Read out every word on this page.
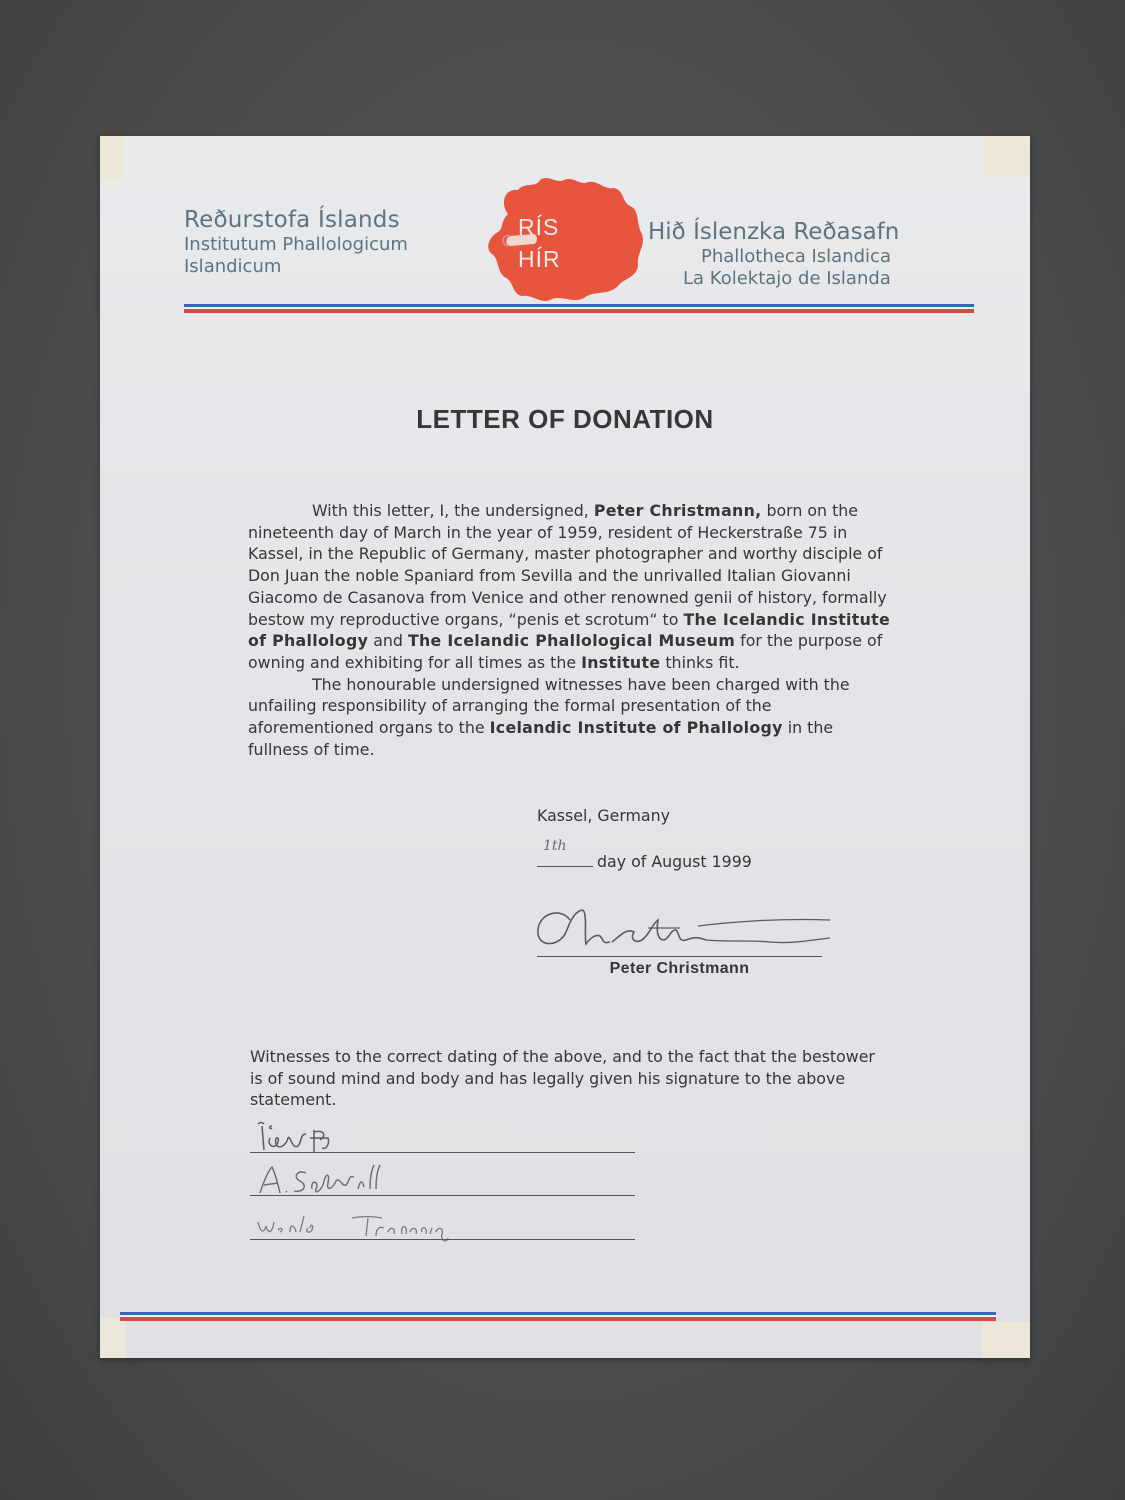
Reðurstofa Íslands
Institutum Phallologicum
Islandicum
RÍS
HÍR
Hið Íslenzka Reðasafn
Phallotheca Islandica
La Kolektajo de Islanda
LETTER OF DONATION

With this letter, I, the undersigned, Peter Christmann, born on the nineteenth day of March in the year of 1959, resident of Heckerstraße 75 in Kassel, in the Republic of Germany, master photographer and worthy disciple of Don Juan the noble Spaniard from Sevilla and the unrivalled Italian Giovanni Giacomo de Casanova from Venice and other renowned genii of history, formally bestow my reproductive organs, “penis et scrotum“ to The Icelandic Institute of Phallology and The Icelandic Phallological Museum for the purpose of owning and exhibiting for all times as the Institute thinks fit.

The honourable undersigned witnesses have been charged with the unfailing responsibility of arranging the formal presentation of the aforementioned organs to the Icelandic Institute of Phallology in the fullness of time.

Kassel, Germany
1th
day of August 1999
Peter Christmann
Witnesses to the correct dating of the above, and to the fact that the bestower is of sound mind and body and has legally given his signature to the above statement.
